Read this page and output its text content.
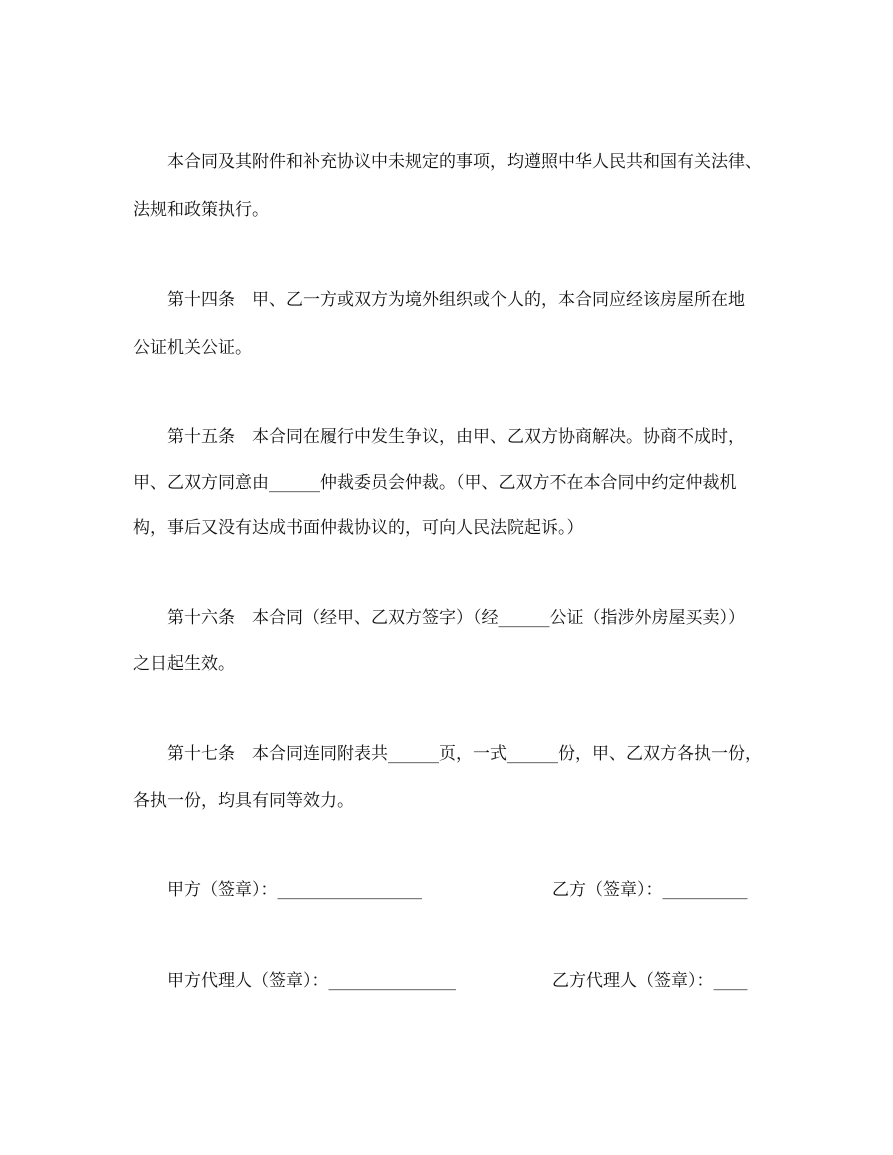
本合同及其附件和补充协议中未规定的事项，均遵照中华人民共和国有关法律、
法规和政策执行。
第十四条　甲、乙一方或双方为境外组织或个人的，本合同应经该房屋所在地
公证机关公证。
第十五条　本合同在履行中发生争议，由甲、乙双方协商解决。协商不成时，
甲、乙双方同意由______仲裁委员会仲裁。（甲、乙双方不在本合同中约定仲裁机
构，事后又没有达成书面仲裁协议的，可向人民法院起诉。）
第十六条　本合同（经甲、乙双方签字）（经______公证（指涉外房屋买卖））
之日起生效。
第十七条　本合同连同附表共______页，一式______份，甲、乙双方各执一份，
各执一份，均具有同等效力。
甲方（签章）：_________________	乙方（签章）：__________
甲方代理人（签章）：_______________	乙方代理人（签章）：____
